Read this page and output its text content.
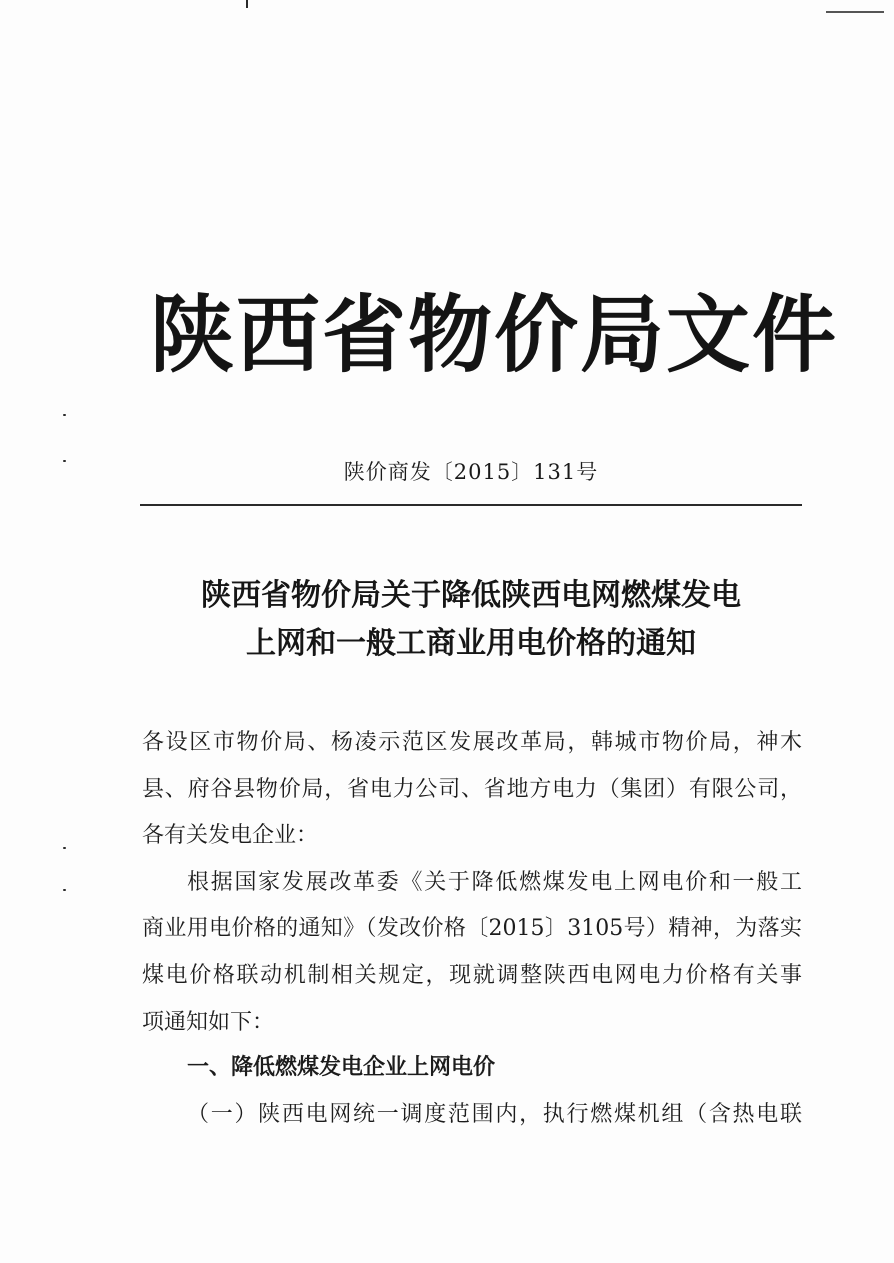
陕西省物价局文件
陕价商发〔2015〕131号
陕西省物价局关于降低陕西电网燃煤发电
上网和一般工商业用电价格的通知
各设区市物价局、杨凌示范区发展改革局，韩城市物价局，神木
县、府谷县物价局，省电力公司、省地方电力（集团）有限公司，
各有关发电企业：
根据国家发展改革委《关于降低燃煤发电上网电价和一般工
商业用电价格的通知》（发改价格〔2015〕3105号）精神，为落实
煤电价格联动机制相关规定，现就调整陕西电网电力价格有关事
项通知如下：
一、降低燃煤发电企业上网电价
（一）陕西电网统一调度范围内，执行燃煤机组（含热电联
